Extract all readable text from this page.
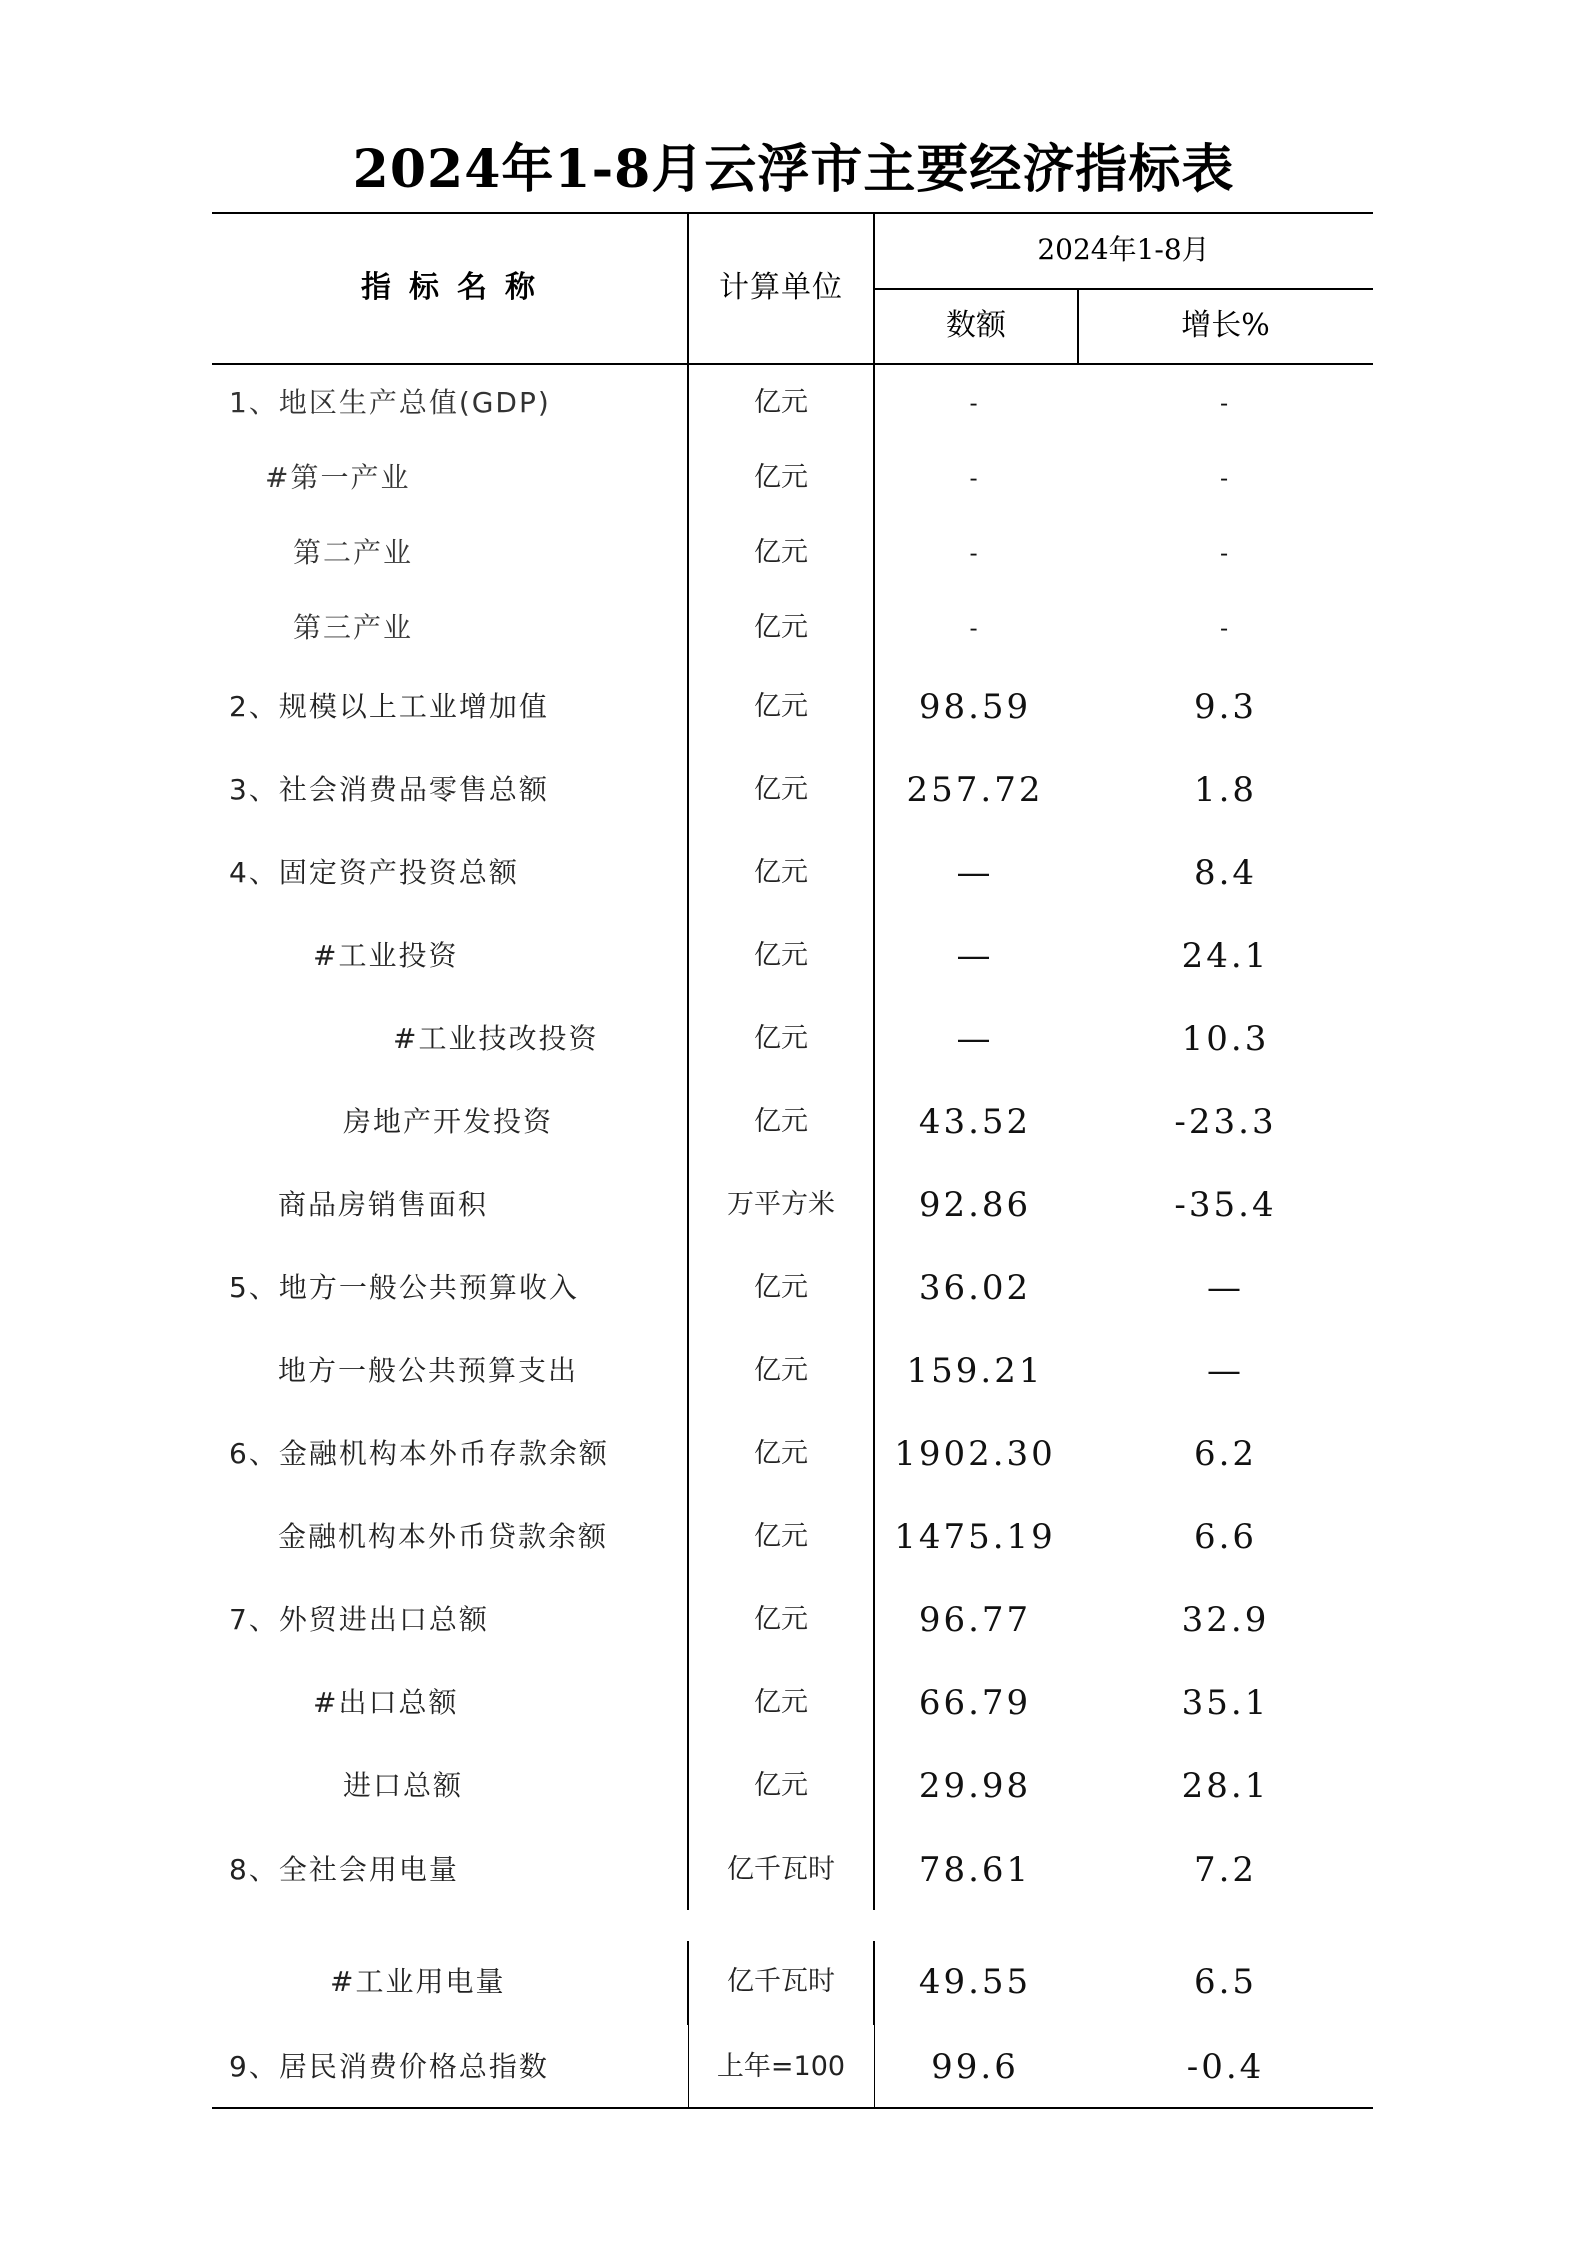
2024年1-8月云浮市主要经济指标表
指标名称	计算单位
2024年1-8月
数额	增长%
1、地区生产总值(GDP)	亿元	-	-
#第一产业	亿元	-	-
第二产业	亿元	-	-
第三产业	亿元	-	-
2、规模以上工业增加值	亿元	98.59	9.3
3、社会消费品零售总额	亿元	257.72	1.8
4、固定资产投资总额	亿元	—	8.4
#工业投资	亿元	—	24.1
#工业技改投资	亿元	—	10.3
房地产开发投资	亿元	43.52	-23.3
商品房销售面积	万平方米	92.86	-35.4
5、地方一般公共预算收入	亿元	36.02	—
地方一般公共预算支出	亿元	159.21	—
6、金融机构本外币存款余额	亿元	1902.30	6.2
金融机构本外币贷款余额	亿元	1475.19	6.6
7、外贸进出口总额	亿元	96.77	32.9
#出口总额	亿元	66.79	35.1
进口总额	亿元	29.98	28.1
8、全社会用电量	亿千瓦时	78.61	7.2
#工业用电量	亿千瓦时	49.55	6.5
9、居民消费价格总指数	上年=100	99.6	-0.4
